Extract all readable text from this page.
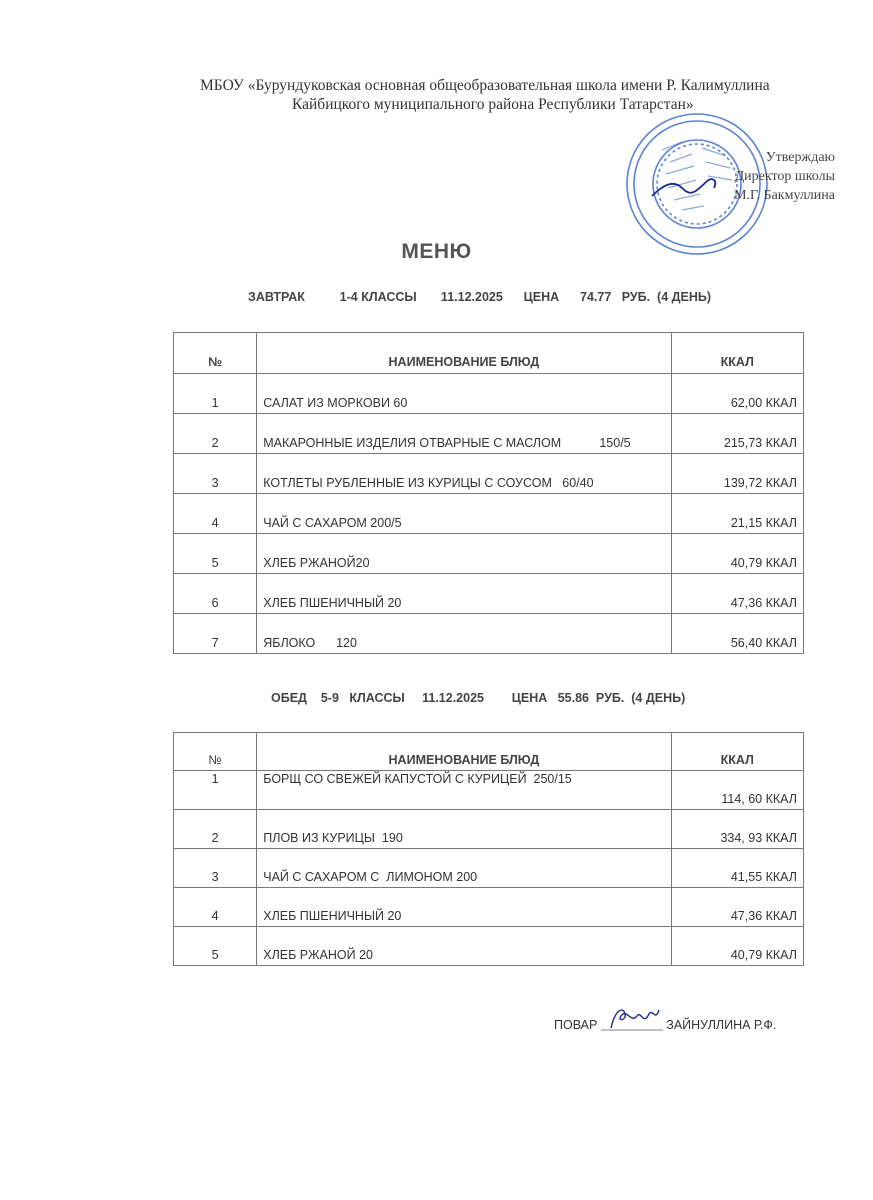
МБОУ «Бурундуковская основная общеобразовательная школа имени Р. Калимуллина
Кайбицкого муниципального района Республики Татарстан»
Утверждаю
Директор школы
М.Г. Бакмуллина
МЕНЮ
ЗАВТРАК          1-4 КЛАССЫ       11.12.2025      ЦЕНА      74.77   РУБ.  (4 ДЕНЬ)
№	НАИМЕНОВАНИЕ БЛЮД	ККАЛ
1	САЛАТ ИЗ МОРКОВИ 60	62,00 ККАЛ
2	МАКАРОННЫЕ ИЗДЕЛИЯ ОТВАРНЫЕ С МАСЛОМ           150/5	215,73 ККАЛ
3	КОТЛЕТЫ РУБЛЕННЫЕ ИЗ КУРИЦЫ С СОУСОМ   60/40	139,72 ККАЛ
4	ЧАЙ С САХАРОМ 200/5	21,15 ККАЛ
5	ХЛЕБ РЖАНОЙ20	40,79 ККАЛ
6	ХЛЕБ ПШЕНИЧНЫЙ 20	47,36 ККАЛ
7	ЯБЛОКО      120	56,40 ККАЛ
ОБЕД    5-9   КЛАССЫ     11.12.2025        ЦЕНА   55.86  РУБ.  (4 ДЕНЬ)
№	НАИМЕНОВАНИЕ БЛЮД	ККАЛ
1	БОРЩ СО СВЕЖЕЙ КАПУСТОЙ С КУРИЦЕЙ  250/15	114, 60 ККАЛ
2	ПЛОВ ИЗ КУРИЦЫ  190	334, 93 ККАЛ
3	ЧАЙ С САХАРОМ С  ЛИМОНОМ 200	41,55 ККАЛ
4	ХЛЕБ ПШЕНИЧНЫЙ 20	47,36 ККАЛ
5	ХЛЕБ РЖАНОЙ 20	40,79 ККАЛ
ПОВАР	ЗАЙНУЛЛИНА Р.Ф.
